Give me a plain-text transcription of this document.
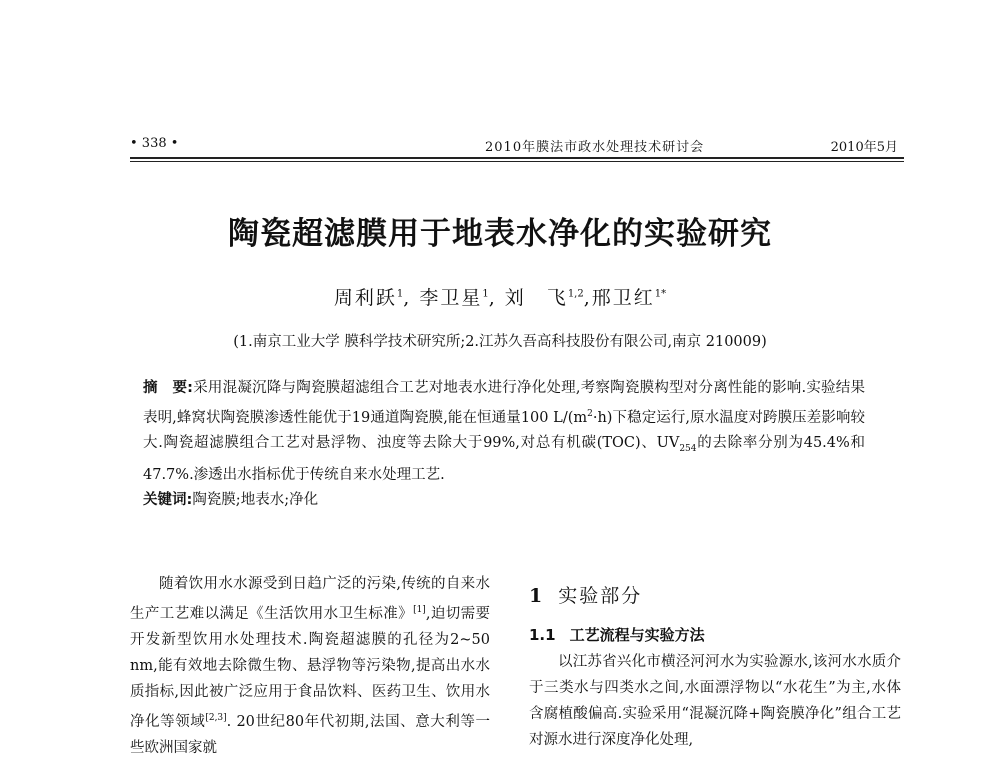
• 338 •	2010年膜法市政水处理技术研讨会	2010年5月
陶瓷超滤膜用于地表水净化的实验研究
周利跃$^1$, 李卫星$^1$, 刘　飞$^{1,2}$,邢卫红$^{1*}$
(1.南京工业大学 膜科学技术研究所;2.江苏久吾高科技股份有限公司,南京 210009)
摘　要:采用混凝沉降与陶瓷膜超滤组合工艺对地表水进行净化处理,考察陶瓷膜构型对分离性能的影响.实验结果表明,蜂窝状陶瓷膜渗透性能优于19通道陶瓷膜,能在恒通量100 $L/(m^2\cdot h)$下稳定运行,原水温度对跨膜压差影响较大.陶瓷超滤膜组合工艺对悬浮物、浊度等去除大于99%,对总有机碳(TOC)、$UV_{254}$的去除率分别为45.4%和47.7%.渗透出水指标优于传统自来水处理工艺.
关键词:陶瓷膜;地表水;净化
随着饮用水水源受到日趋广泛的污染,传统的自来水生产工艺难以满足《生活饮用水卫生标准》[1],迫切需要开发新型饮用水处理技术.陶瓷超滤膜的孔径为2~50 nm,能有效地去除微生物、悬浮物等污染物,提高出水水质指标,因此被广泛应用于食品饮料、医药卫生、饮用水净化等领域[2,3]. 20世纪80年代初期,法国、意大利等一些欧洲国家就
1 实验部分
1.1 工艺流程与实验方法
以江苏省兴化市横泾河河水为实验源水,该河水水质介于三类水与四类水之间,水面漂浮物以“水花生”为主,水体含腐植酸偏高.实验采用“混凝沉降+陶瓷膜净化”组合工艺对源水进行深度净化处理,
